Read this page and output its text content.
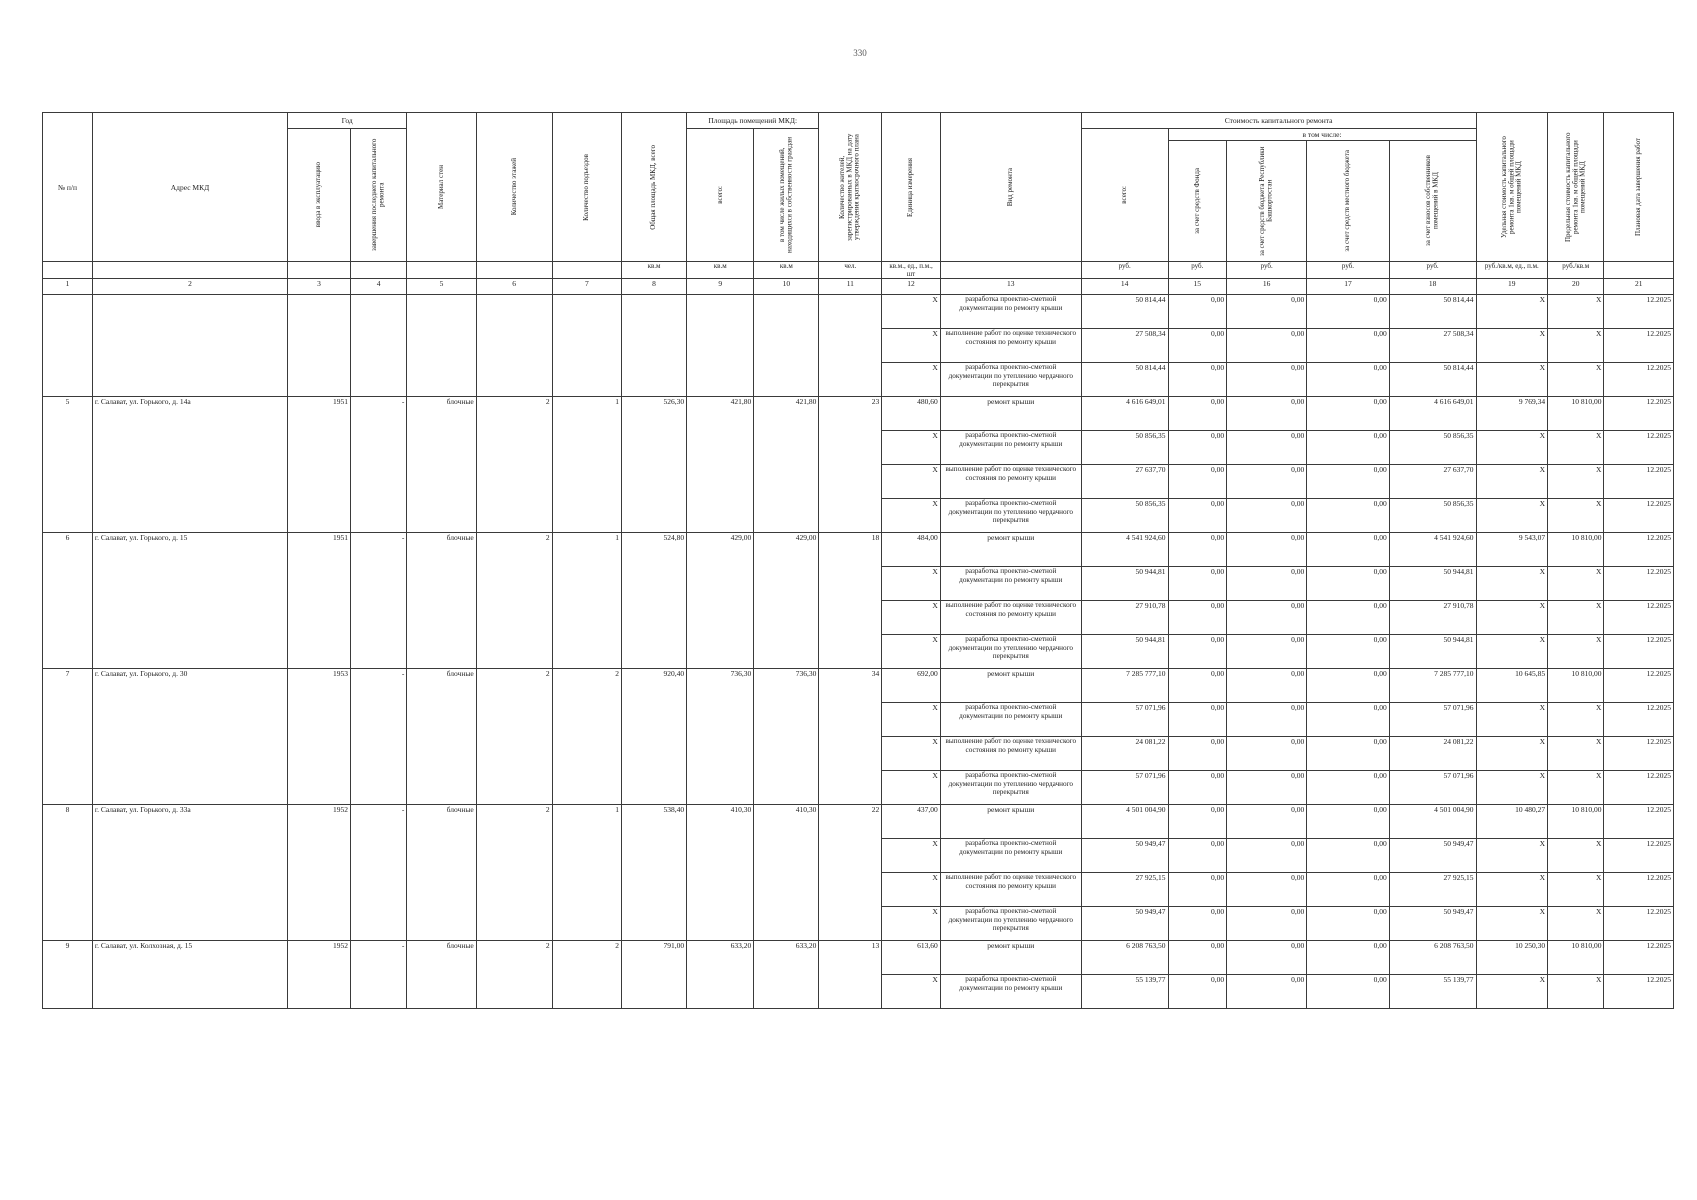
330
№ п/п	Адрес МКД	Год		Материал стен	Количество этажей	Количество подъездов	Общая площадь МКД, всего	Площадь помещений МКД:		Количество жителей, зарегистрированных в МКД на дату утверждения краткосрочного плана	Единица измерения	Вид ремонта	Стоимость капитального ремонта					Удельная стоимость капитального ремонта 1кв. м общей площади помещений МКД	Предельная стоимость капитального ремонта 1кв. м общей площади помещений МКД	Плановая дата завершения работ

		ввода в эксплуатацию	завершения последнего капитального ремонта					всего:	в том числе жилых помещений, находящихся в собственности граждан				всего:	в том числе:						

														за счет средств Фонда	за счет средств бюджета Республики Башкортостан	за счет средств местного бюджета	за счет взносов собственников помещений в МКД			

							кв.м	кв.м	кв.м	чел.	кв.м., ед., п.м., шт		руб.	руб.	руб.	руб.	руб.	руб./кв.м, ед., п.м.	руб./кв.м	
1	2	3	4	5	6	7	8	9	10	11	12	13	14	15	16	17	18	19	20	21
											X	разработка проектно-сметной документации по ремонту крыши	50 814,44	0,00	0,00	0,00	50 814,44	X	X	12.2025
											X	выполнение работ по оценке технического состояния по ремонту крыши	27 508,34	0,00	0,00	0,00	27 508,34	X	X	12.2025
											X	разработка проектно-сметной документации по утеплению чердачного перекрытия	50 814,44	0,00	0,00	0,00	50 814,44	X	X	12.2025
5	г. Салават, ул. Горького, д. 14а	1951	-	блочные	2	1	526,30	421,80	421,80	23	480,60	ремонт крыши	4 616 649,01	0,00	0,00	0,00	4 616 649,01	9 769,34	10 810,00	12.2025
											X	разработка проектно-сметной документации по ремонту крыши	50 856,35	0,00	0,00	0,00	50 856,35	X	X	12.2025
											X	выполнение работ по оценке технического состояния по ремонту крыши	27 637,70	0,00	0,00	0,00	27 637,70	X	X	12.2025
											X	разработка проектно-сметной документации по утеплению чердачного перекрытия	50 856,35	0,00	0,00	0,00	50 856,35	X	X	12.2025
6	г. Салават, ул. Горького, д. 15	1951	-	блочные	2	1	524,80	429,00	429,00	18	484,00	ремонт крыши	4 541 924,60	0,00	0,00	0,00	4 541 924,60	9 543,07	10 810,00	12.2025
											X	разработка проектно-сметной документации по ремонту крыши	50 944,81	0,00	0,00	0,00	50 944,81	X	X	12.2025
											X	выполнение работ по оценке технического состояния по ремонту крыши	27 910,78	0,00	0,00	0,00	27 910,78	X	X	12.2025
											X	разработка проектно-сметной документации по утеплению чердачного перекрытия	50 944,81	0,00	0,00	0,00	50 944,81	X	X	12.2025
7	г. Салават, ул. Горького, д. 30	1953	-	блочные	2	2	920,40	736,30	736,30	34	692,00	ремонт крыши	7 285 777,10	0,00	0,00	0,00	7 285 777,10	10 645,85	10 810,00	12.2025
											X	разработка проектно-сметной документации по ремонту крыши	57 071,96	0,00	0,00	0,00	57 071,96	X	X	12.2025
											X	выполнение работ по оценке технического состояния по ремонту крыши	24 081,22	0,00	0,00	0,00	24 081,22	X	X	12.2025
											X	разработка проектно-сметной документации по утеплению чердачного перекрытия	57 071,96	0,00	0,00	0,00	57 071,96	X	X	12.2025
8	г. Салават, ул. Горького, д. 33а	1952	-	блочные	2	1	538,40	410,30	410,30	22	437,00	ремонт крыши	4 501 004,90	0,00	0,00	0,00	4 501 004,90	10 480,27	10 810,00	12.2025
											X	разработка проектно-сметной документации по ремонту крыши	50 949,47	0,00	0,00	0,00	50 949,47	X	X	12.2025
											X	выполнение работ по оценке технического состояния по ремонту крыши	27 925,15	0,00	0,00	0,00	27 925,15	X	X	12.2025
											X	разработка проектно-сметной документации по утеплению чердачного перекрытия	50 949,47	0,00	0,00	0,00	50 949,47	X	X	12.2025
9	г. Салават, ул. Колхозная, д. 15	1952	-	блочные	2	2	791,00	633,20	633,20	13	613,60	ремонт крыши	6 208 763,50	0,00	0,00	0,00	6 208 763,50	10 250,30	10 810,00	12.2025
											X	разработка проектно-сметной документации по ремонту крыши	55 139,77	0,00	0,00	0,00	55 139,77	X	X	12.2025
